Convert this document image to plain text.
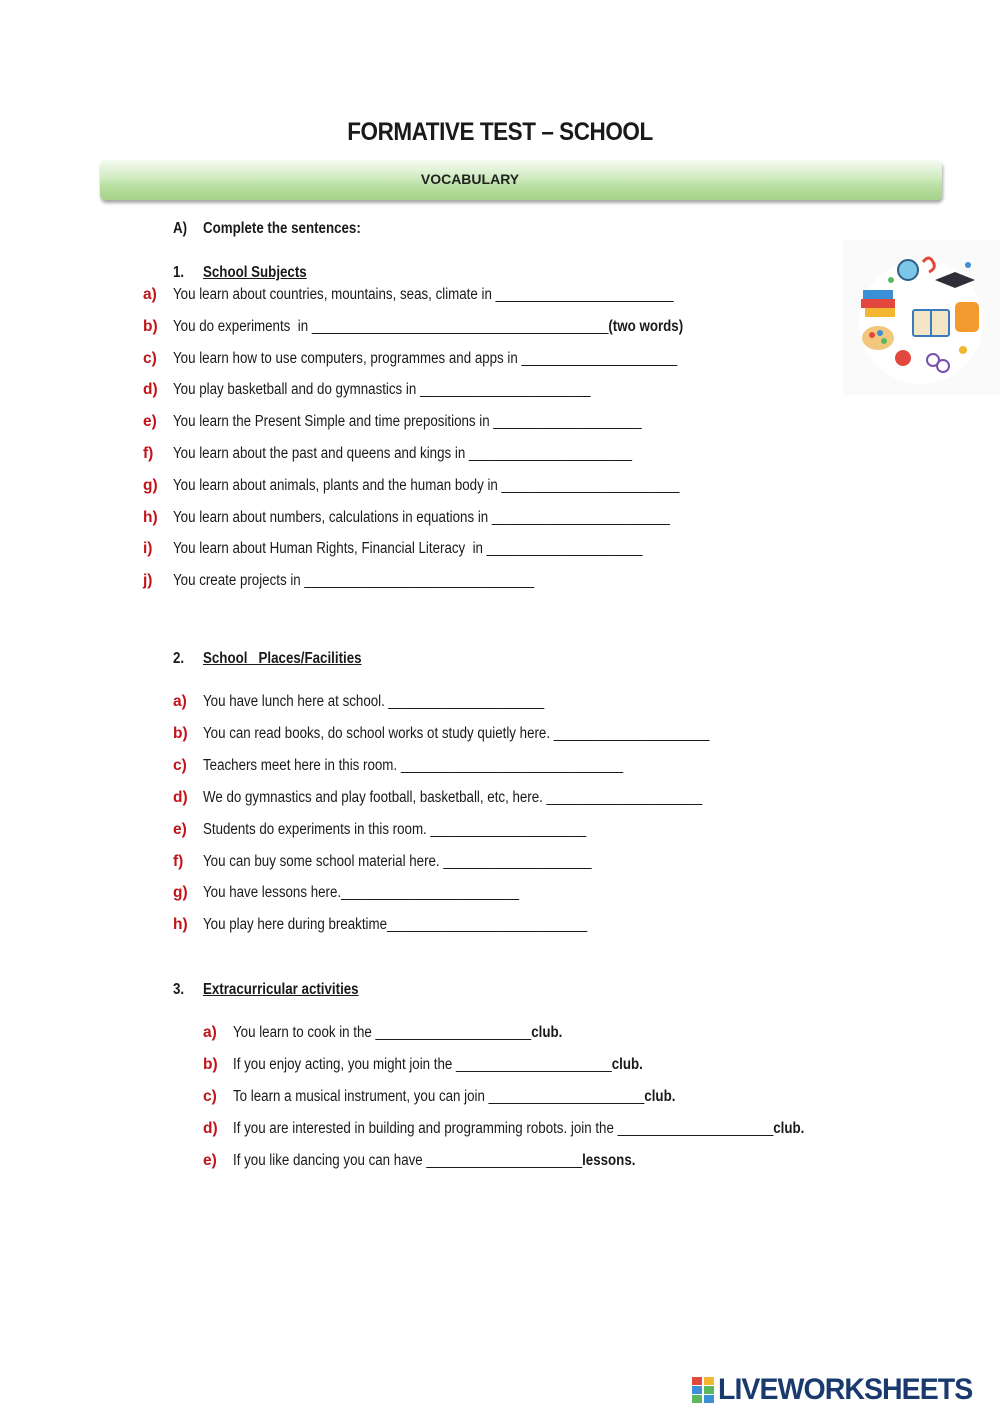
FORMATIVE TEST – SCHOOL
VOCABULARY
A) Complete the sentences:
1. School Subjects
a) You learn about countries, mountains, seas, climate in ________________________
b) You do experiments  in ________________________________________(two words)
c) You learn how to use computers, programmes and apps in _____________________
d) You play basketball and do gymnastics in _______________________
e) You learn the Present Simple and time prepositions in ____________________
f) You learn about the past and queens and kings in ______________________
g) You learn about animals, plants and the human body in ________________________
h) You learn about numbers, calculations in equations in ________________________
i) You learn about Human Rights, Financial Literacy  in _____________________
j) You create projects in _______________________________
2. School   Places/Facilities
a) You have lunch here at school. _____________________
b) You can read books, do school works ot study quietly here. _____________________
c) Teachers meet here in this room. ______________________________
d) We do gymnastics and play football, basketball, etc, here. _____________________
e) Students do experiments in this room. _____________________
f) You can buy some school material here. ____________________
g) You have lessons here.________________________
h) You play here during breaktime___________________________
3. Extracurricular activities
a) You learn to cook in the _____________________club.
b) If you enjoy acting, you might join the _____________________club.
c) To learn a musical instrument, you can join _____________________club.
d) If you are interested in building and programming robots. join the _____________________club.
e) If you like dancing you can have _____________________lessons.
LIVEWORKSHEETS
